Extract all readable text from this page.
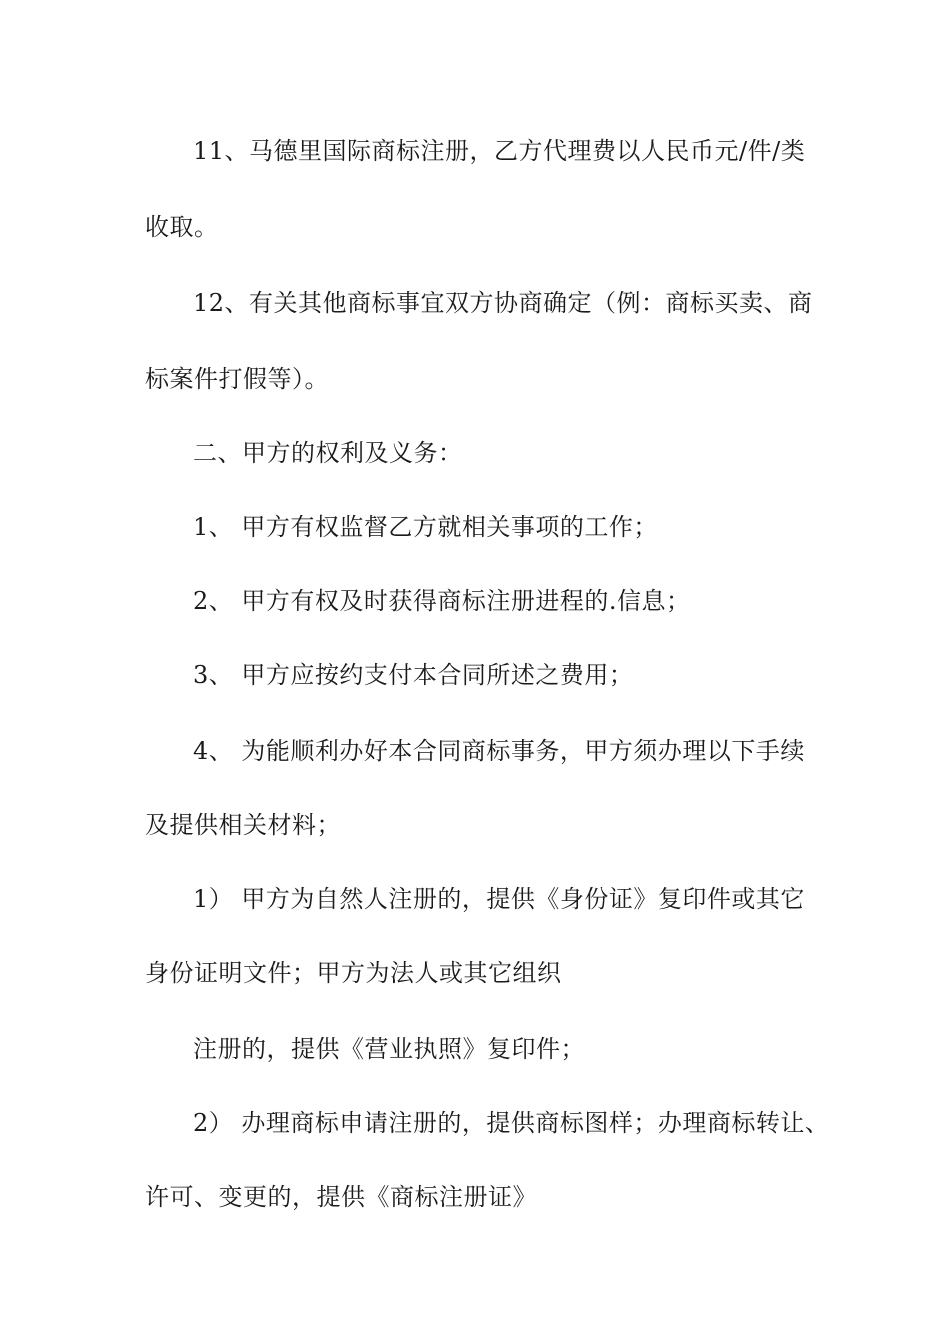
11、马德里国际商标注册，乙方代理费以人民币元/件/类
收取。
12、有关其他商标事宜双方协商确定（例：商标买卖、商
标案件打假等）。
二、甲方的权利及义务：
1、 甲方有权监督乙方就相关事项的工作；
2、 甲方有权及时获得商标注册进程的.信息；
3、 甲方应按约支付本合同所述之费用；
4、 为能顺利办好本合同商标事务，甲方须办理以下手续
及提供相关材料；
1） 甲方为自然人注册的，提供《身份证》复印件或其它
身份证明文件；甲方为法人或其它组织
注册的，提供《营业执照》复印件；
2） 办理商标申请注册的，提供商标图样；办理商标转让、
许可、变更的，提供《商标注册证》
